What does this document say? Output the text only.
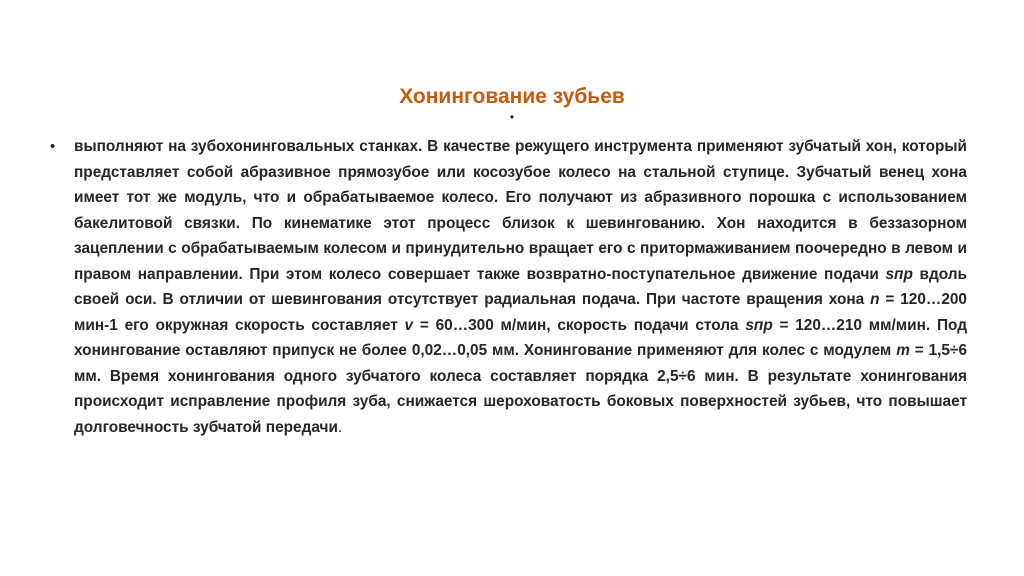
Хонингование зубьев
•
• выполняют на зубохонинговальных станках. В качестве режущего инструмента применяют зубчатый хон, который представляет собой абразивное прямозубое или косозубое колесо на стальной ступице. Зубчатый венец хона имеет тот же модуль, что и обрабатываемое колесо. Его получают из абразивного порошка с использованием бакелитовой связки. По кинематике этот процесс близок к шевингованию. Хон находится в беззазорном зацеплении с обрабатываемым колесом и принудительно вращает его с притормаживанием поочередно в левом и правом направлении. При этом колесо совершает также возвратно-поступательное движение подачи sпр вдоль своей оси. В отличии от шевингования отсутствует радиальная подача. При частоте вращения хона n = 120…200 мин-1 его окружная скорость составляет v = 60…300 м/мин, скорость подачи стола sпр = 120…210 мм/мин. Под хонингование оставляют припуск не более 0,02…0,05 мм. Хонингование применяют для колес с модулем m = 1,5÷6 мм. Время хонингования одного зубчатого колеса составляет порядка 2,5÷6 мин. В результате хонингования происходит исправление профиля зуба, снижается шероховатость боковых поверхностей зубьев, что повышает долговечность зубчатой передачи.
